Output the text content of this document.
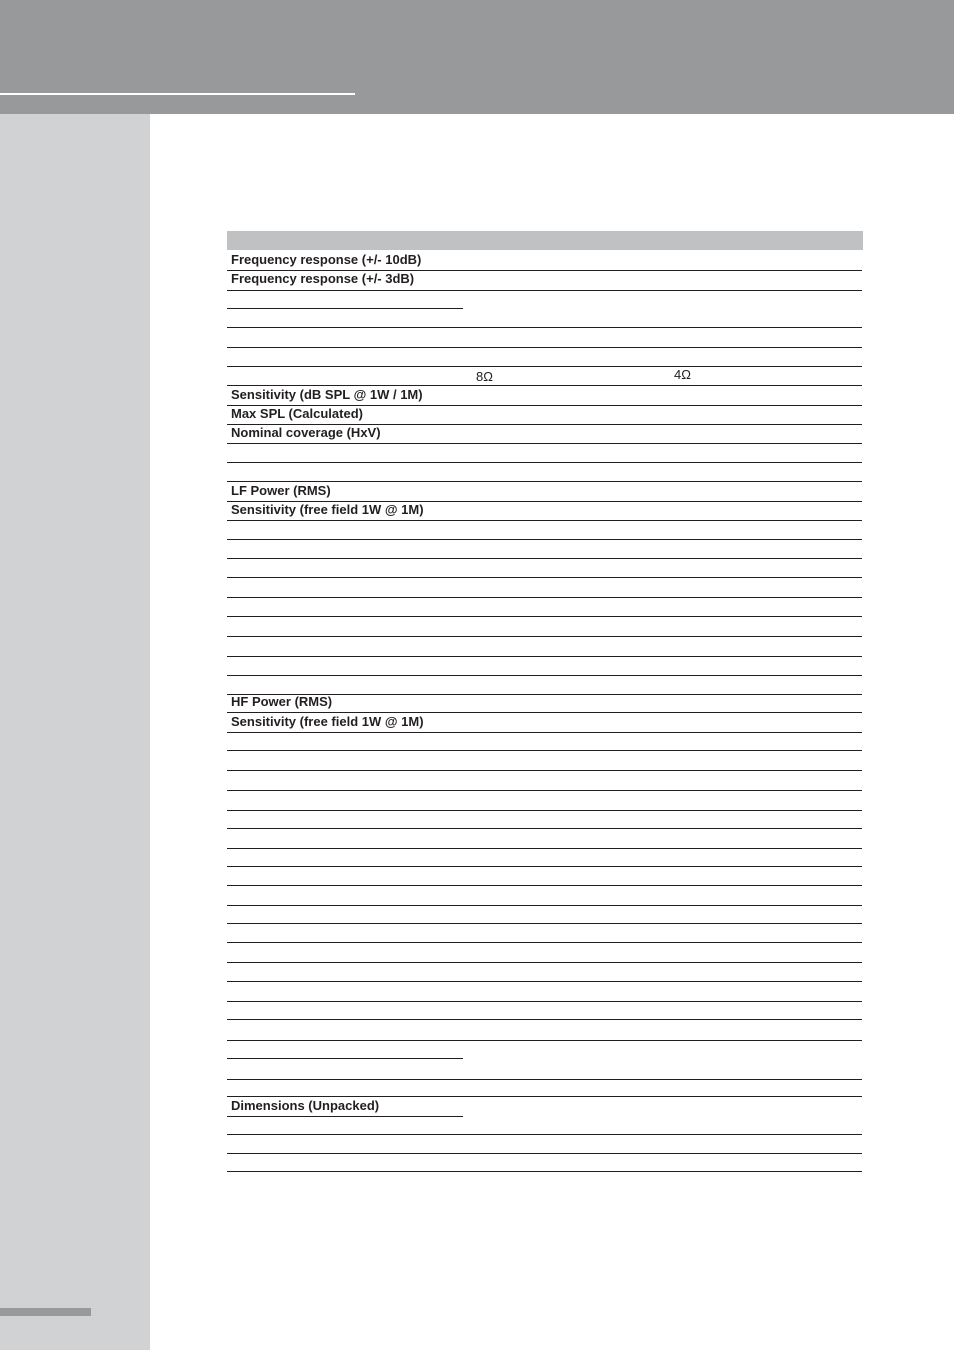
Frequency response (+/- 10dB)
Frequency response (+/- 3dB)
8Ω	4Ω
Sensitivity (dB SPL @ 1W / 1M)
Max SPL (Calculated)
Nominal coverage (HxV)
LF Power (RMS)
Sensitivity (free field 1W @ 1M)
HF Power (RMS)
Sensitivity (free field 1W @ 1M)
Dimensions (Unpacked)
